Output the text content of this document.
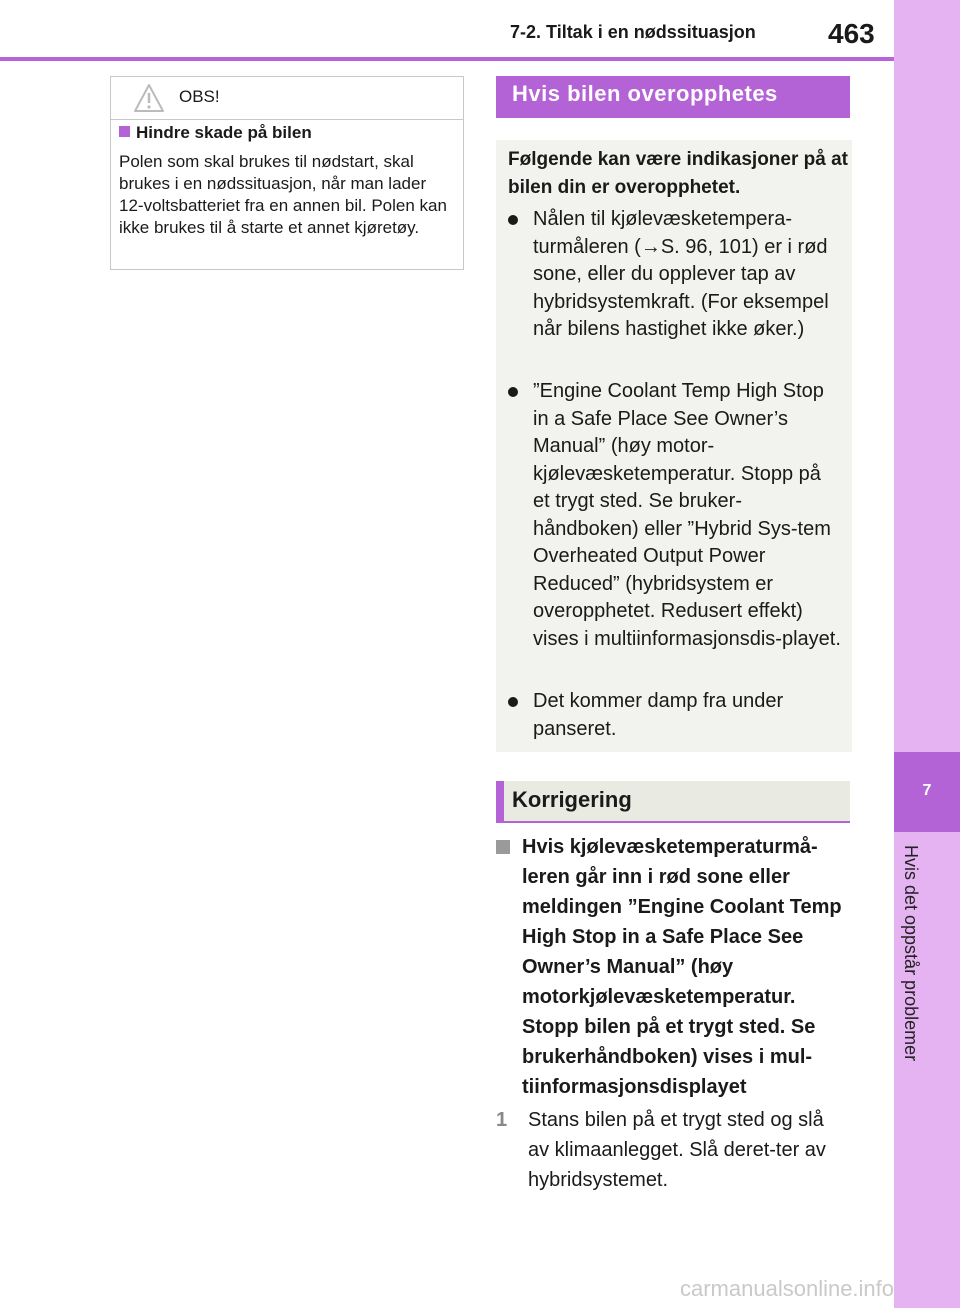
7-2. Tiltak i en nødssituasjon	463
7
Hvis det oppstår problemer
OBS!
Hindre skade på bilen
Polen som skal brukes til nødstart, skal brukes i en nødssituasjon, når man lader 12-voltsbatteriet fra en annen bil. Polen kan ikke brukes til å starte et annet kjøretøy.
Hvis bilen overopphetes
Følgende kan være indikasjoner på at bilen din er overopphetet.
Nålen til kjølevæsketempera-turmåleren (→S. 96, 101) er i rød sone, eller du opplever tap av hybridsystemkraft. (For eksempel når bilens hastighet ikke øker.)
”Engine Coolant Temp High Stop in a Safe Place See Owner’s Manual” (høy motor-kjølevæsketemperatur. Stopp på et trygt sted. Se bruker-håndboken) eller ”Hybrid Sys-tem Overheated Output Power Reduced” (hybridsystem er overopphetet. Redusert effekt) vises i multiinformasjonsdis-playet.
Det kommer damp fra under panseret.
Korrigering
Hvis kjølevæsketemperaturmå-leren går inn i rød sone eller meldingen ”Engine Coolant Temp High Stop in a Safe Place See Owner’s Manual” (høy motorkjølevæsketemperatur. Stopp bilen på et trygt sted. Se brukerhåndboken) vises i mul-tiinformasjonsdisplayet
1 Stans bilen på et trygt sted og slå av klimaanlegget. Slå deret-ter av hybridsystemet.
carmanualsonline.info
